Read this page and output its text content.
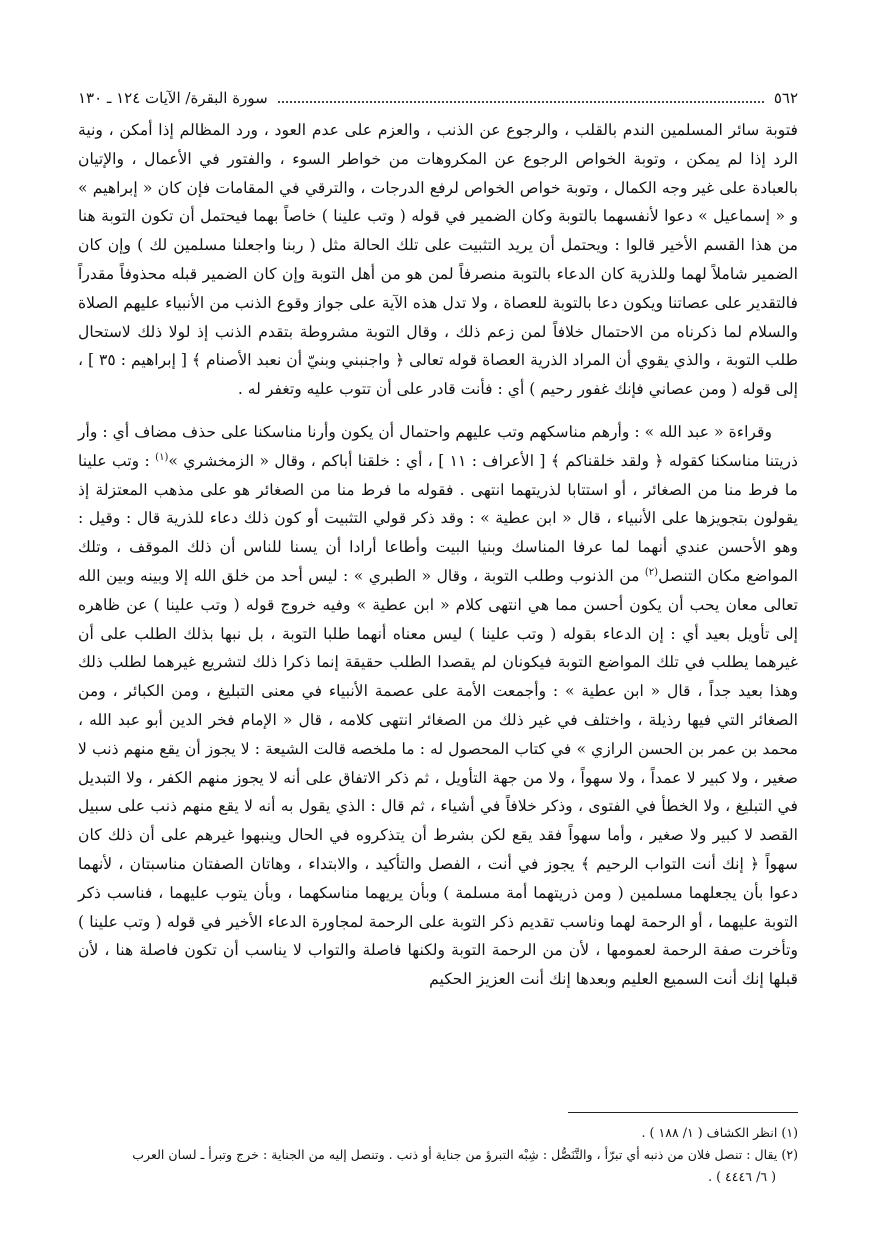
٥٦٢
سورة البقرة/ الآيات ١٢٤ ـ ١٣٠

فتوبة سائر المسلمين الندم بالقلب ، والرجوع عن الذنب ، والعزم على عدم العود ، ورد المظالم إذا أمكن ، ونية الرد إذا لم يمكن ، وتوبة الخواص الرجوع عن المكروهات من خواطر السوء ، والفتور في الأعمال ، والإتيان بالعبادة على غير وجه الكمال ، وتوبة خواص الخواص لرفع الدرجات ، والترقي في المقامات فإن كان « إبراهيم » و « إسماعيل » دعوا لأنفسهما بالتوبة وكان الضمير في قوله ( وتب علينا ) خاصاً بهما فيحتمل أن تكون التوبة هنا من هذا القسم الأخير قالوا : ويحتمل أن يريد التثبيت على تلك الحالة مثل ( ربنا واجعلنا مسلمين لك ) وإن كان الضمير شاملاً لهما وللذرية كان الدعاء بالتوبة منصرفاً لمن هو من أهل التوبة وإن كان الضمير قبله محذوفاً مقدراً فالتقدير على عصاتنا ويكون دعا بالتوبة للعصاة ، ولا تدل هذه الآية على جواز وقوع الذنب من الأنبياء عليهم الصلاة والسلام لما ذكرناه من الاحتمال خلافاً لمن زعم ذلك ، وقال التوبة مشروطة بتقدم الذنب إذ لولا ذلك لاستحال طلب التوبة ، والذي يقوي أن المراد الذرية العصاة قوله تعالى ﴿ واجنبني وبنيّ أن نعبد الأصنام ﴾ [ إبراهيم : ٣٥ ] ، إلى قوله ( ومن عصاني فإنك غفور رحيم ) أي : فأنت قادر على أن تتوب عليه وتغفر له .

وقراءة « عبد الله » : وأرهم مناسكهم وتب عليهم واحتمال أن يكون وأرنا مناسكنا على حذف مضاف أي : وأر ذريتنا مناسكنا كقوله ﴿ ولقد خلقناكم ﴾ [ الأعراف : ١١ ] ، أي : خلقنا أباكم ، وقال « الزمخشري »$^{(١)}$ : وتب علينا ما فرط منا من الصغائر ، أو استتابا لذريتهما انتهى . فقوله ما فرط منا من الصغائر هو على مذهب المعتزلة إذ يقولون بتجويزها على الأنبياء ، قال « ابن عطية » : وقد ذكر قولي التثبيت أو كون ذلك دعاء للذرية قال : وقيل : وهو الأحسن عندي أنهما لما عرفا المناسك وبنيا البيت وأطاعا أرادا أن يسنا للناس أن ذلك الموقف ، وتلك المواضع مكان التنصل$^{(٢)}$ من الذنوب وطلب التوبة ، وقال « الطبري » : ليس أحد من خلق الله إلا وبينه وبين الله تعالى معان يحب أن يكون أحسن مما هي انتهى كلام « ابن عطية » وفيه خروج قوله ( وتب علينا ) عن ظاهره إلى تأويل بعيد أي : إن الدعاء بقوله ( وتب علينا ) ليس معناه أنهما طلبا التوبة ، بل نبها بذلك الطلب على أن غيرهما يطلب في تلك المواضع التوبة فيكونان لم يقصدا الطلب حقيقة إنما ذكرا ذلك لتشريع غيرهما لطلب ذلك وهذا بعيد جداً ، قال « ابن عطية » : وأجمعت الأمة على عصمة الأنبياء في معنى التبليغ ، ومن الكبائر ، ومن الصغائر التي فيها رذيلة ، واختلف في غير ذلك من الصغائر انتهى كلامه ، قال « الإمام فخر الدين أبو عبد الله ، محمد بن عمر بن الحسن الرازي » في كتاب المحصول له : ما ملخصه قالت الشيعة : لا يجوز أن يقع منهم ذنب لا صغير ، ولا كبير لا عمداً ، ولا سهواً ، ولا من جهة التأويل ، ثم ذكر الاتفاق على أنه لا يجوز منهم الكفر ، ولا التبديل في التبليغ ، ولا الخطأ في الفتوى ، وذكر خلافاً في أشياء ، ثم قال : الذي يقول به أنه لا يقع منهم ذنب على سبيل القصد لا كبير ولا صغير ، وأما سهواً فقد يقع لكن بشرط أن يتذكروه في الحال وينبهوا غيرهم على أن ذلك كان سهواً ﴿ إنك أنت التواب الرحيم ﴾ يجوز في أنت ، الفصل والتأكيد ، والابتداء ، وهاتان الصفتان مناسبتان ، لأنهما دعوا بأن يجعلهما مسلمين ( ومن ذريتهما أمة مسلمة ) وبأن يريهما مناسكهما ، وبأن يتوب عليهما ، فناسب ذكر التوبة عليهما ، أو الرحمة لهما وناسب تقديم ذكر التوبة على الرحمة لمجاورة الدعاء الأخير في قوله ( وتب علينا ) وتأخرت صفة الرحمة لعمومها ، لأن من الرحمة التوبة ولكنها فاصلة والتواب لا يناسب أن تكون فاصلة هنا ، لأن قبلها إنك أنت السميع العليم وبعدها إنك أنت العزيز الحكيم

(١) انظر الكشاف ( ١/ ١٨٨ ) .
(٢) يقال : تنصل فلان من ذنبه أي تبرّأ ، والتَّنَصُّل : شِبْه التبرؤ من جناية أو ذنب . وتنصل إليه من الجناية : خرج وتبرأ ـ لسان العرب
( ٦/ ٤٤٤٦ ) .
